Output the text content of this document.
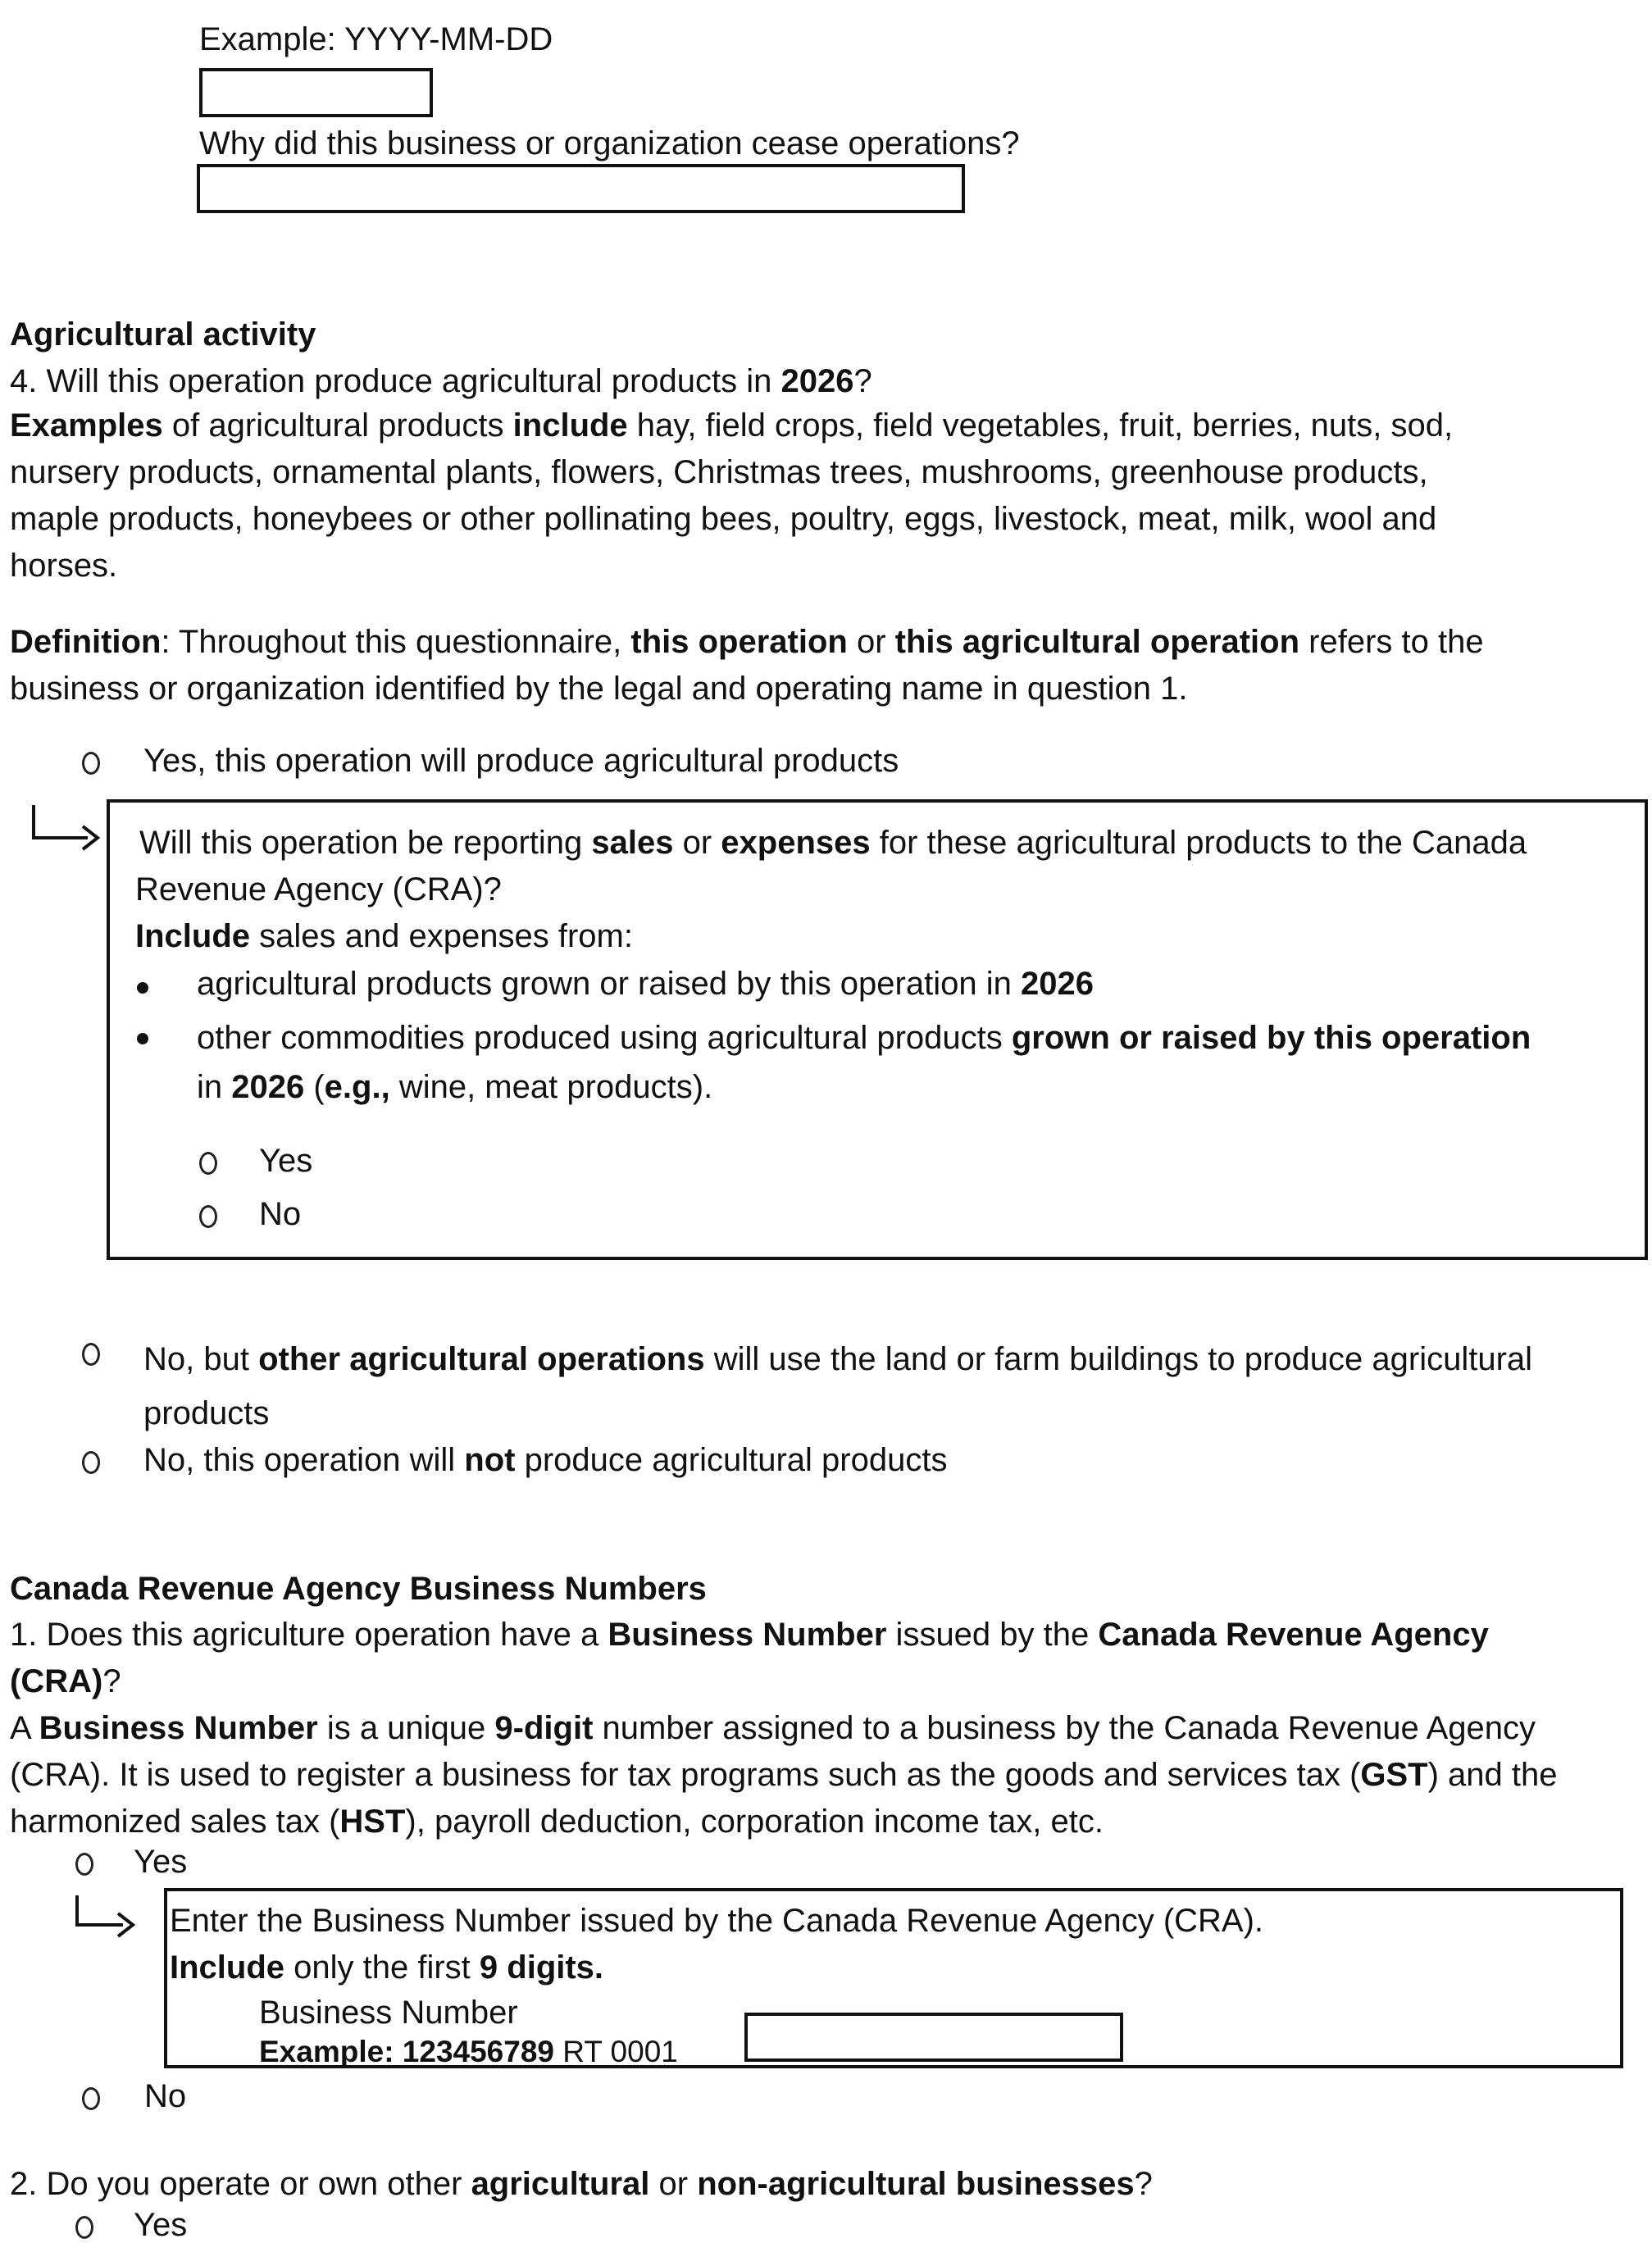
Example: YYYY-MM-DD
Why did this business or organization cease operations?
Agricultural activity
4. Will this operation produce agricultural products in 2026?
Examples of agricultural products include hay, field crops, field vegetables, fruit, berries, nuts, sod,
nursery products, ornamental plants, flowers, Christmas trees, mushrooms, greenhouse products,
maple products, honeybees or other pollinating bees, poultry, eggs, livestock, meat, milk, wool and
horses.
Definition: Throughout this questionnaire, this operation or this agricultural operation refers to the
business or organization identified by the legal and operating name in question 1.
Yes, this operation will produce agricultural products
Will this operation be reporting sales or expenses for these agricultural products to the Canada
Revenue Agency (CRA)?
Include sales and expenses from:
agricultural products grown or raised by this operation in 2026
other commodities produced using agricultural products grown or raised by this operation
in 2026 (e.g., wine, meat products).
Yes
No
No, but other agricultural operations will use the land or farm buildings to produce agricultural
products
No, this operation will not produce agricultural products
Canada Revenue Agency Business Numbers
1. Does this agriculture operation have a Business Number issued by the Canada Revenue Agency
(CRA)?
A Business Number is a unique 9-digit number assigned to a business by the Canada Revenue Agency
(CRA). It is used to register a business for tax programs such as the goods and services tax (GST) and the
harmonized sales tax (HST), payroll deduction, corporation income tax, etc.
Yes
Enter the Business Number issued by the Canada Revenue Agency (CRA).
Include only the first 9 digits.
Business Number
Example: 123456789 RT 0001
No
2. Do you operate or own other agricultural or non-agricultural businesses?
Yes
